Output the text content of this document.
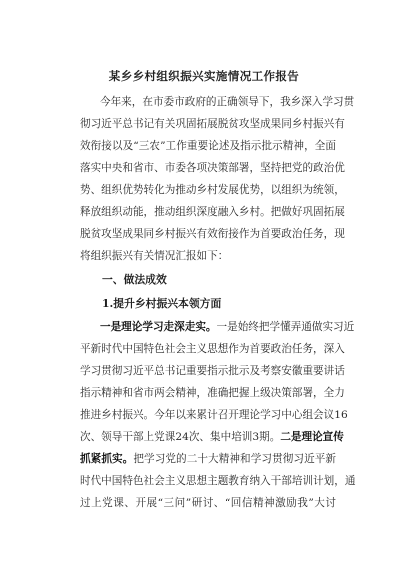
某乡乡村组织振兴实施情况工作报告

今年来，在市委市政府的正确领导下，我乡深入学习贯

彻习近平总书记有关巩固拓展脱贫攻坚成果同乡村振兴有

效衔接以及“三农”工作重要论述及指示批示精神，全面

落实中央和省市、市委各项决策部署，坚持把党的政治优

势、组织优势转化为推动乡村发展优势，以组织为统领，

释放组织动能，推动组织深度融入乡村。把做好巩固拓展

脱贫攻坚成果同乡村振兴有效衔接作为首要政治任务，现

将组织振兴有关情况汇报如下：

一、做法成效
1.提升乡村振兴本领方面

一是理论学习走深走实。一是始终把学懂弄通做实习近

平新时代中国特色社会主义思想作为首要政治任务，深入

学习贯彻习近平总书记重要指示批示及考察安徽重要讲话

指示精神和省市两会精神，准确把握上级决策部署，全力

推进乡村振兴。今年以来累计召开理论学习中心组会议16

次、领导干部上党课24次、集中培训3期。二是理论宣传

抓紧抓实。把学习党的二十大精神和学习贯彻习近平新

时代中国特色社会主义思想主题教育纳入干部培训计划，通

过上党课、开展“三问”研讨、“回信精神激励我”大讨
